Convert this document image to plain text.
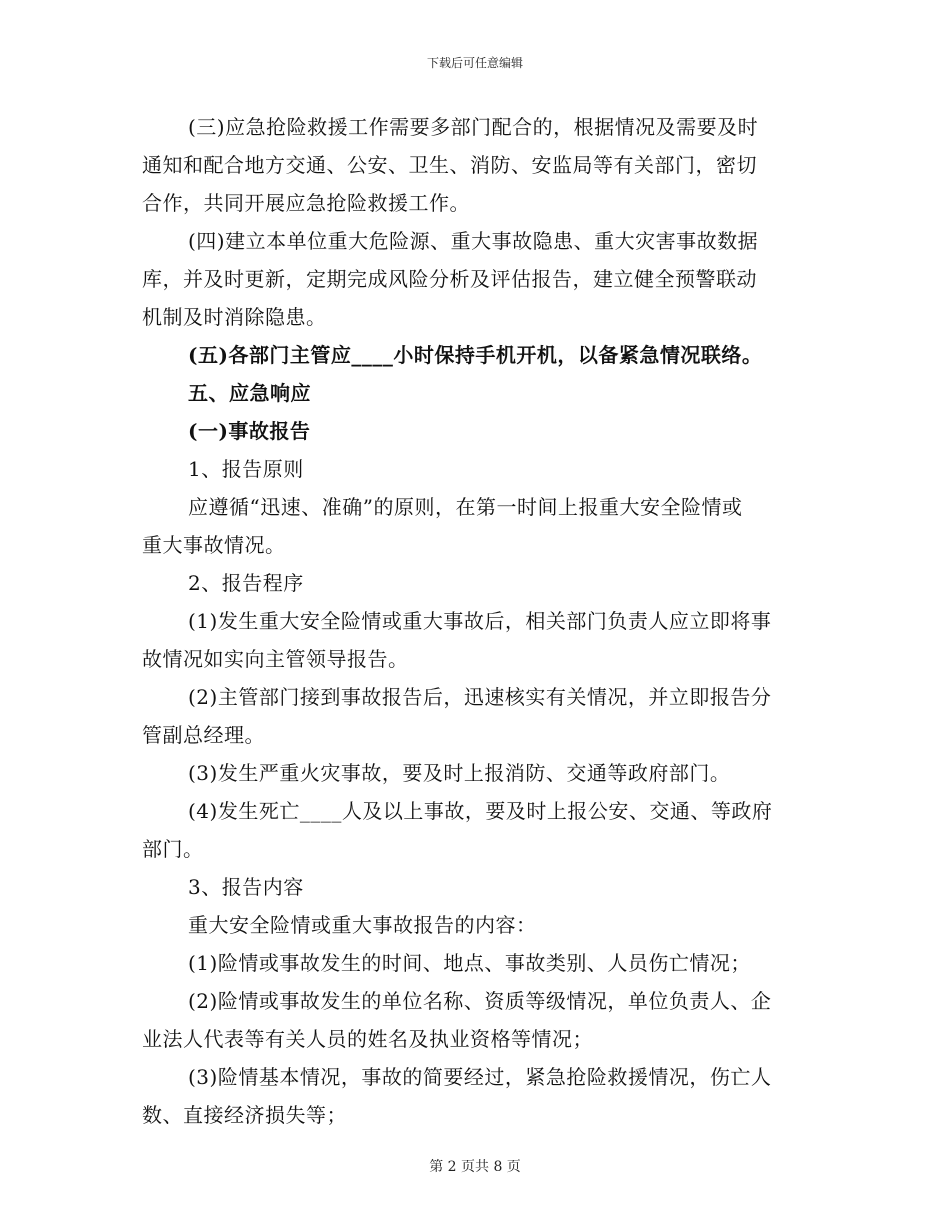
下载后可任意编辑
(三)应急抢险救援工作需要多部门配合的，根据情况及需要及时
通知和配合地方交通、公安、卫生、消防、安监局等有关部门，密切
合作，共同开展应急抢险救援工作。
(四)建立本单位重大危险源、重大事故隐患、重大灾害事故数据
库，并及时更新，定期完成风险分析及评估报告，建立健全预警联动
机制及时消除隐患。
(五)各部门主管应____小时保持手机开机，以备紧急情况联络。
五、应急响应
(一)事故报告
1、报告原则
应遵循“迅速、准确”的原则，在第一时间上报重大安全险情或
重大事故情况。
2、报告程序
(1)发生重大安全险情或重大事故后，相关部门负责人应立即将事
故情况如实向主管领导报告。
(2)主管部门接到事故报告后，迅速核实有关情况，并立即报告分
管副总经理。
(3)发生严重火灾事故，要及时上报消防、交通等政府部门。
(4)发生死亡____人及以上事故，要及时上报公安、交通、等政府
部门。
3、报告内容
重大安全险情或重大事故报告的内容：
(1)险情或事故发生的时间、地点、事故类别、人员伤亡情况；
(2)险情或事故发生的单位名称、资质等级情况，单位负责人、企
业法人代表等有关人员的姓名及执业资格等情况；
(3)险情基本情况，事故的简要经过，紧急抢险救援情况，伤亡人
数、直接经济损失等；
第 2 页共 8 页
